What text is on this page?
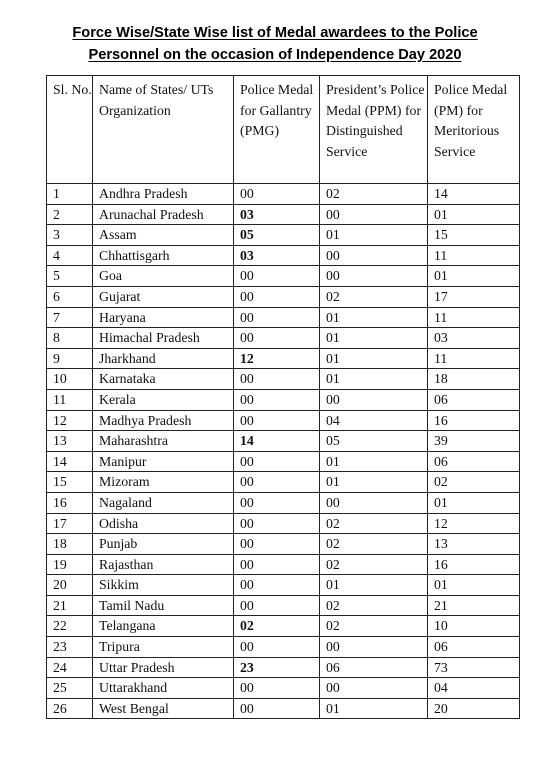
Force Wise/State Wise list of Medal awardees to the Police
Personnel on the occasion of Independence Day 2020
Sl. No.	Name of States/ UTs Organization	Police Medal for Gallantry (PMG)	President’s Police Medal (PPM) for Distinguished Service	Police Medal (PM) for Meritorious Service
1	Andhra Pradesh	00	02	14
2	Arunachal Pradesh	03	00	01
3	Assam	05	01	15
4	Chhattisgarh	03	00	11
5	Goa	00	00	01
6	Gujarat	00	02	17
7	Haryana	00	01	11
8	Himachal Pradesh	00	01	03
9	Jharkhand	12	01	11
10	Karnataka	00	01	18
11	Kerala	00	00	06
12	Madhya Pradesh	00	04	16
13	Maharashtra	14	05	39
14	Manipur	00	01	06
15	Mizoram	00	01	02
16	Nagaland	00	00	01
17	Odisha	00	02	12
18	Punjab	00	02	13
19	Rajasthan	00	02	16
20	Sikkim	00	01	01
21	Tamil Nadu	00	02	21
22	Telangana	02	02	10
23	Tripura	00	00	06
24	Uttar Pradesh	23	06	73
25	Uttarakhand	00	00	04
26	West Bengal	00	01	20
